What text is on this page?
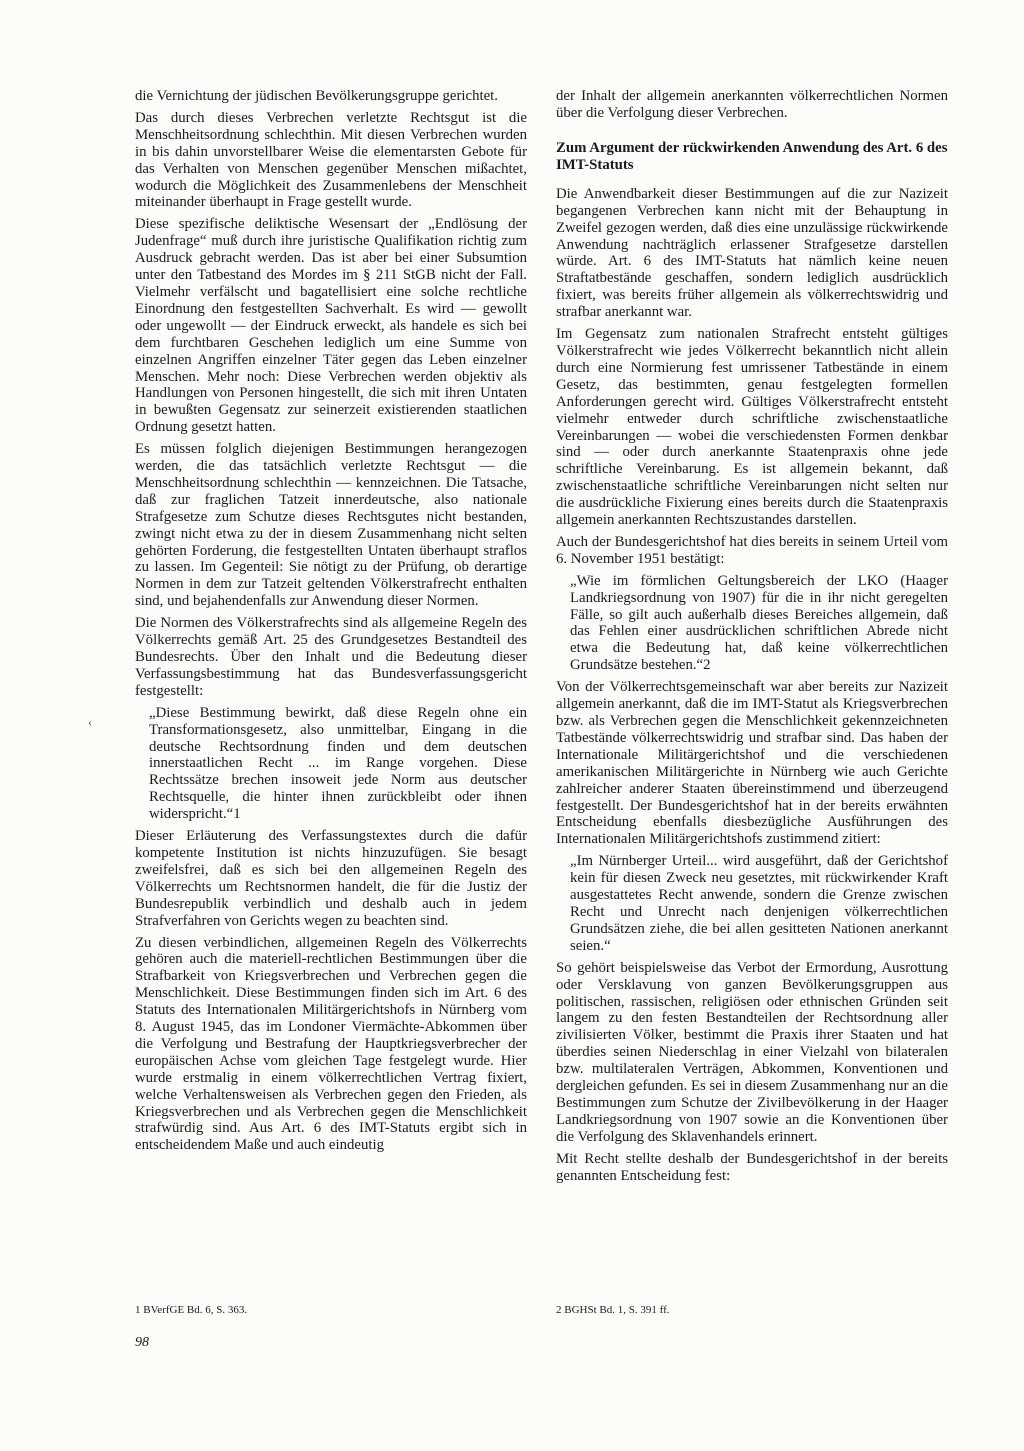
die Vernichtung der jüdischen Bevölkerungsgruppe gerichtet.

Das durch dieses Verbrechen verletzte Rechtsgut ist die Menschheitsordnung schlechthin. Mit diesen Verbrechen wurden in bis dahin unvorstellbarer Weise die elementarsten Gebote für das Verhalten von Menschen gegenüber Menschen mißachtet, wodurch die Möglichkeit des Zusammenlebens der Menschheit miteinander überhaupt in Frage gestellt wurde.

Diese spezifische deliktische Wesensart der „Endlösung der Judenfrage“ muß durch ihre juristische Qualifikation richtig zum Ausdruck gebracht werden. Das ist aber bei einer Subsumtion unter den Tatbestand des Mordes im § 211 StGB nicht der Fall. Vielmehr verfälscht und bagatellisiert eine solche rechtliche Einordnung den festgestellten Sachverhalt. Es wird — gewollt oder ungewollt — der Eindruck erweckt, als handele es sich bei dem furchtbaren Geschehen lediglich um eine Summe von einzelnen Angriffen einzelner Täter gegen das Leben einzelner Menschen. Mehr noch: Diese Verbrechen werden objektiv als Handlungen von Personen hingestellt, die sich mit ihren Untaten in bewußten Gegensatz zur seinerzeit existierenden staatlichen Ordnung gesetzt hatten.

Es müssen folglich diejenigen Bestimmungen herangezogen werden, die das tatsächlich verletzte Rechtsgut — die Menschheitsordnung schlechthin — kennzeichnen. Die Tatsache, daß zur fraglichen Tatzeit innerdeutsche, also nationale Strafgesetze zum Schutze dieses Rechtsgutes nicht bestanden, zwingt nicht etwa zu der in diesem Zusammenhang nicht selten gehörten Forderung, die festgestellten Untaten überhaupt straflos zu lassen. Im Gegenteil: Sie nötigt zu der Prüfung, ob derartige Normen in dem zur Tatzeit geltenden Völkerstrafrecht enthalten sind, und bejahendenfalls zur Anwendung dieser Normen.

Die Normen des Völkerstrafrechts sind als allgemeine Regeln des Völkerrechts gemäß Art. 25 des Grundgesetzes Bestandteil des Bundesrechts. Über den Inhalt und die Bedeutung dieser Verfassungsbestimmung hat das Bundesverfassungsgericht festgestellt:

„Diese Bestimmung bewirkt, daß diese Regeln ohne ein Transformationsgesetz, also unmittelbar, Eingang in die deutsche Rechtsordnung finden und dem deutschen innerstaatlichen Recht ... im Range vorgehen. Diese Rechtssätze brechen insoweit jede Norm aus deutscher Rechtsquelle, die hinter ihnen zurückbleibt oder ihnen widerspricht.“1

Dieser Erläuterung des Verfassungstextes durch die dafür kompetente Institution ist nichts hinzuzufügen. Sie besagt zweifelsfrei, daß es sich bei den allgemeinen Regeln des Völkerrechts um Rechtsnormen handelt, die für die Justiz der Bundesrepublik verbindlich und deshalb auch in jedem Strafverfahren von Gerichts wegen zu beachten sind.

Zu diesen verbindlichen, allgemeinen Regeln des Völkerrechts gehören auch die materiell-rechtlichen Bestimmungen über die Strafbarkeit von Kriegsverbrechen und Verbrechen gegen die Menschlichkeit. Diese Bestimmungen finden sich im Art. 6 des Statuts des Internationalen Militärgerichtshofs in Nürnberg vom 8. August 1945, das im Londoner Viermächte-Abkommen über die Verfolgung und Bestrafung der Hauptkriegsverbrecher der europäischen Achse vom gleichen Tage festgelegt wurde. Hier wurde erstmalig in einem völkerrechtlichen Vertrag fixiert, welche Verhaltensweisen als Verbrechen gegen den Frieden, als Kriegsverbrechen und als Verbrechen gegen die Menschlichkeit strafwürdig sind. Aus Art. 6 des IMT-Statuts ergibt sich in entscheidendem Maße und auch eindeutig

‹

der Inhalt der allgemein anerkannten völkerrechtlichen Normen über die Verfolgung dieser Verbrechen.

Zum Argument der rückwirkenden Anwendung des Art. 6 des IMT-Statuts

Die Anwendbarkeit dieser Bestimmungen auf die zur Nazizeit begangenen Verbrechen kann nicht mit der Behauptung in Zweifel gezogen werden, daß dies eine unzulässige rückwirkende Anwendung nachträglich erlassener Strafgesetze darstellen würde. Art. 6 des IMT-Statuts hat nämlich keine neuen Straftatbestände geschaffen, sondern lediglich ausdrücklich fixiert, was bereits früher allgemein als völkerrechtswidrig und strafbar anerkannt war.

Im Gegensatz zum nationalen Strafrecht entsteht gültiges Völkerstrafrecht wie jedes Völkerrecht bekanntlich nicht allein durch eine Normierung fest umrissener Tatbestände in einem Gesetz, das bestimmten, genau festgelegten formellen Anforderungen gerecht wird. Gültiges Völkerstrafrecht entsteht vielmehr entweder durch schriftliche zwischenstaatliche Vereinbarungen — wobei die verschiedensten Formen denkbar sind — oder durch anerkannte Staatenpraxis ohne jede schriftliche Vereinbarung. Es ist allgemein bekannt, daß zwischenstaatliche schriftliche Vereinbarungen nicht selten nur die ausdrückliche Fixierung eines bereits durch die Staatenpraxis allgemein anerkannten Rechtszustandes darstellen.

Auch der Bundesgerichtshof hat dies bereits in seinem Urteil vom 6. November 1951 bestätigt:

„Wie im förmlichen Geltungsbereich der LKO (Haager Landkriegsordnung von 1907) für die in ihr nicht geregelten Fälle, so gilt auch außerhalb dieses Bereiches allgemein, daß das Fehlen einer ausdrücklichen schriftlichen Abrede nicht etwa die Bedeutung hat, daß keine völkerrechtlichen Grundsätze bestehen.“2

Von der Völkerrechtsgemeinschaft war aber bereits zur Nazizeit allgemein anerkannt, daß die im IMT-Statut als Kriegsverbrechen bzw. als Verbrechen gegen die Menschlichkeit gekennzeichneten Tatbestände völkerrechtswidrig und strafbar sind. Das haben der Internationale Militärgerichtshof und die verschiedenen amerikanischen Militärgerichte in Nürnberg wie auch Gerichte zahlreicher anderer Staaten übereinstimmend und überzeugend festgestellt. Der Bundesgerichtshof hat in der bereits erwähnten Entscheidung ebenfalls diesbezügliche Ausführungen des Internationalen Militärgerichtshofs zustimmend zitiert:

„Im Nürnberger Urteil... wird ausgeführt, daß der Gerichtshof kein für diesen Zweck neu gesetztes, mit rückwirkender Kraft ausgestattetes Recht anwende, sondern die Grenze zwischen Recht und Unrecht nach denjenigen völkerrechtlichen Grundsätzen ziehe, die bei allen gesitteten Nationen anerkannt seien.“

So gehört beispielsweise das Verbot der Ermordung, Ausrottung oder Versklavung von ganzen Bevölkerungsgruppen aus politischen, rassischen, religiösen oder ethnischen Gründen seit langem zu den festen Bestandteilen der Rechtsordnung aller zivilisierten Völker, bestimmt die Praxis ihrer Staaten und hat überdies seinen Niederschlag in einer Vielzahl von bilateralen bzw. multilateralen Verträgen, Abkommen, Konventionen und dergleichen gefunden. Es sei in diesem Zusammenhang nur an die Bestimmungen zum Schutze der Zivilbevölkerung in der Haager Landkriegsordnung von 1907 sowie an die Konventionen über die Verfolgung des Sklavenhandels erinnert.

Mit Recht stellte deshalb der Bundesgerichtshof in der bereits genannten Entscheidung fest:

1 BVerfGE Bd. 6, S. 363.	2 BGHSt Bd. 1, S. 391 ff.
98
